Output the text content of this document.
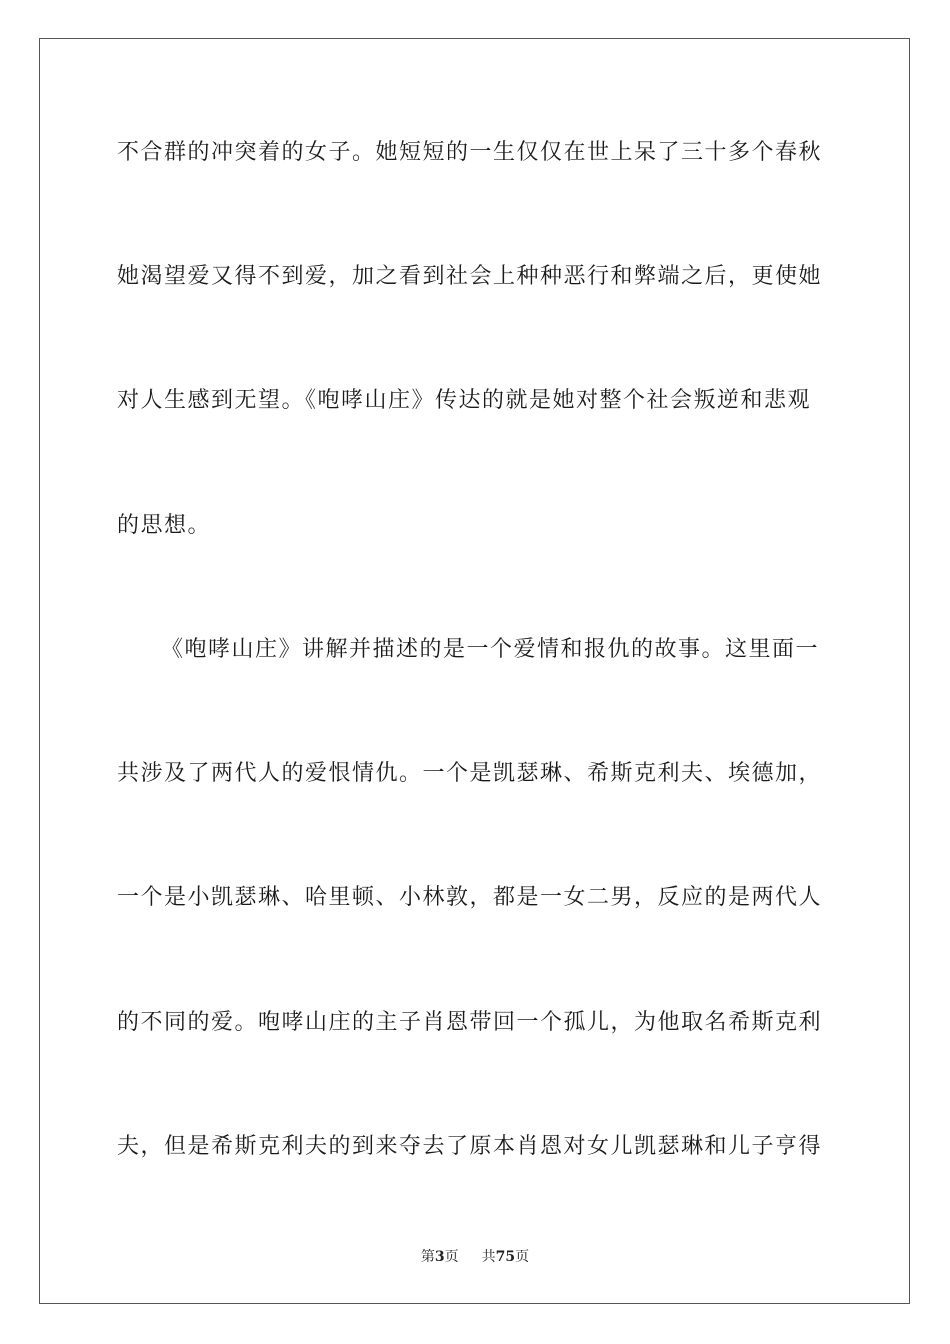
不合群的冲突着的女子。她短短的一生仅仅在世上呆了三十多个春秋
她渴望爱又得不到爱，加之看到社会上种种恶行和弊端之后，更使她
对人生感到无望。《咆哮山庄》传达的就是她对整个社会叛逆和悲观
的思想。
《咆哮山庄》讲解并描述的是一个爱情和报仇的故事。这里面一
共涉及了两代人的爱恨情仇。一个是凯瑟琳、希斯克利夫、埃德加，
一个是小凯瑟琳、哈里顿、小林敦，都是一女二男，反应的是两代人
的不同的爱。咆哮山庄的主子肖恩带回一个孤儿，为他取名希斯克利
夫，但是希斯克利夫的到来夺去了原本肖恩对女儿凯瑟琳和儿子亨得
第3页 共75页
